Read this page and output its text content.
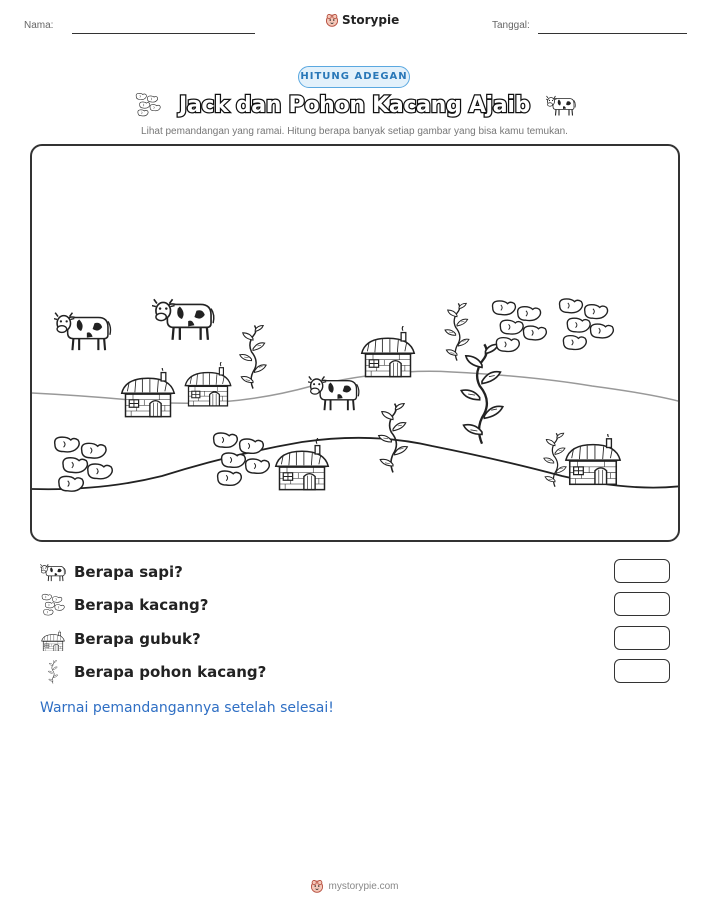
Nama:	Storypie	Tanggal:
HITUNG ADEGAN
Jack dan Pohon Kacang Ajaib
Lihat pemandangan yang ramai. Hitung berapa banyak setiap gambar yang bisa kamu temukan.
Berapa sapi?
Berapa kacang?
Berapa gubuk?
Berapa pohon kacang?
Warnai pemandangannya setelah selesai!
mystorypie.com
